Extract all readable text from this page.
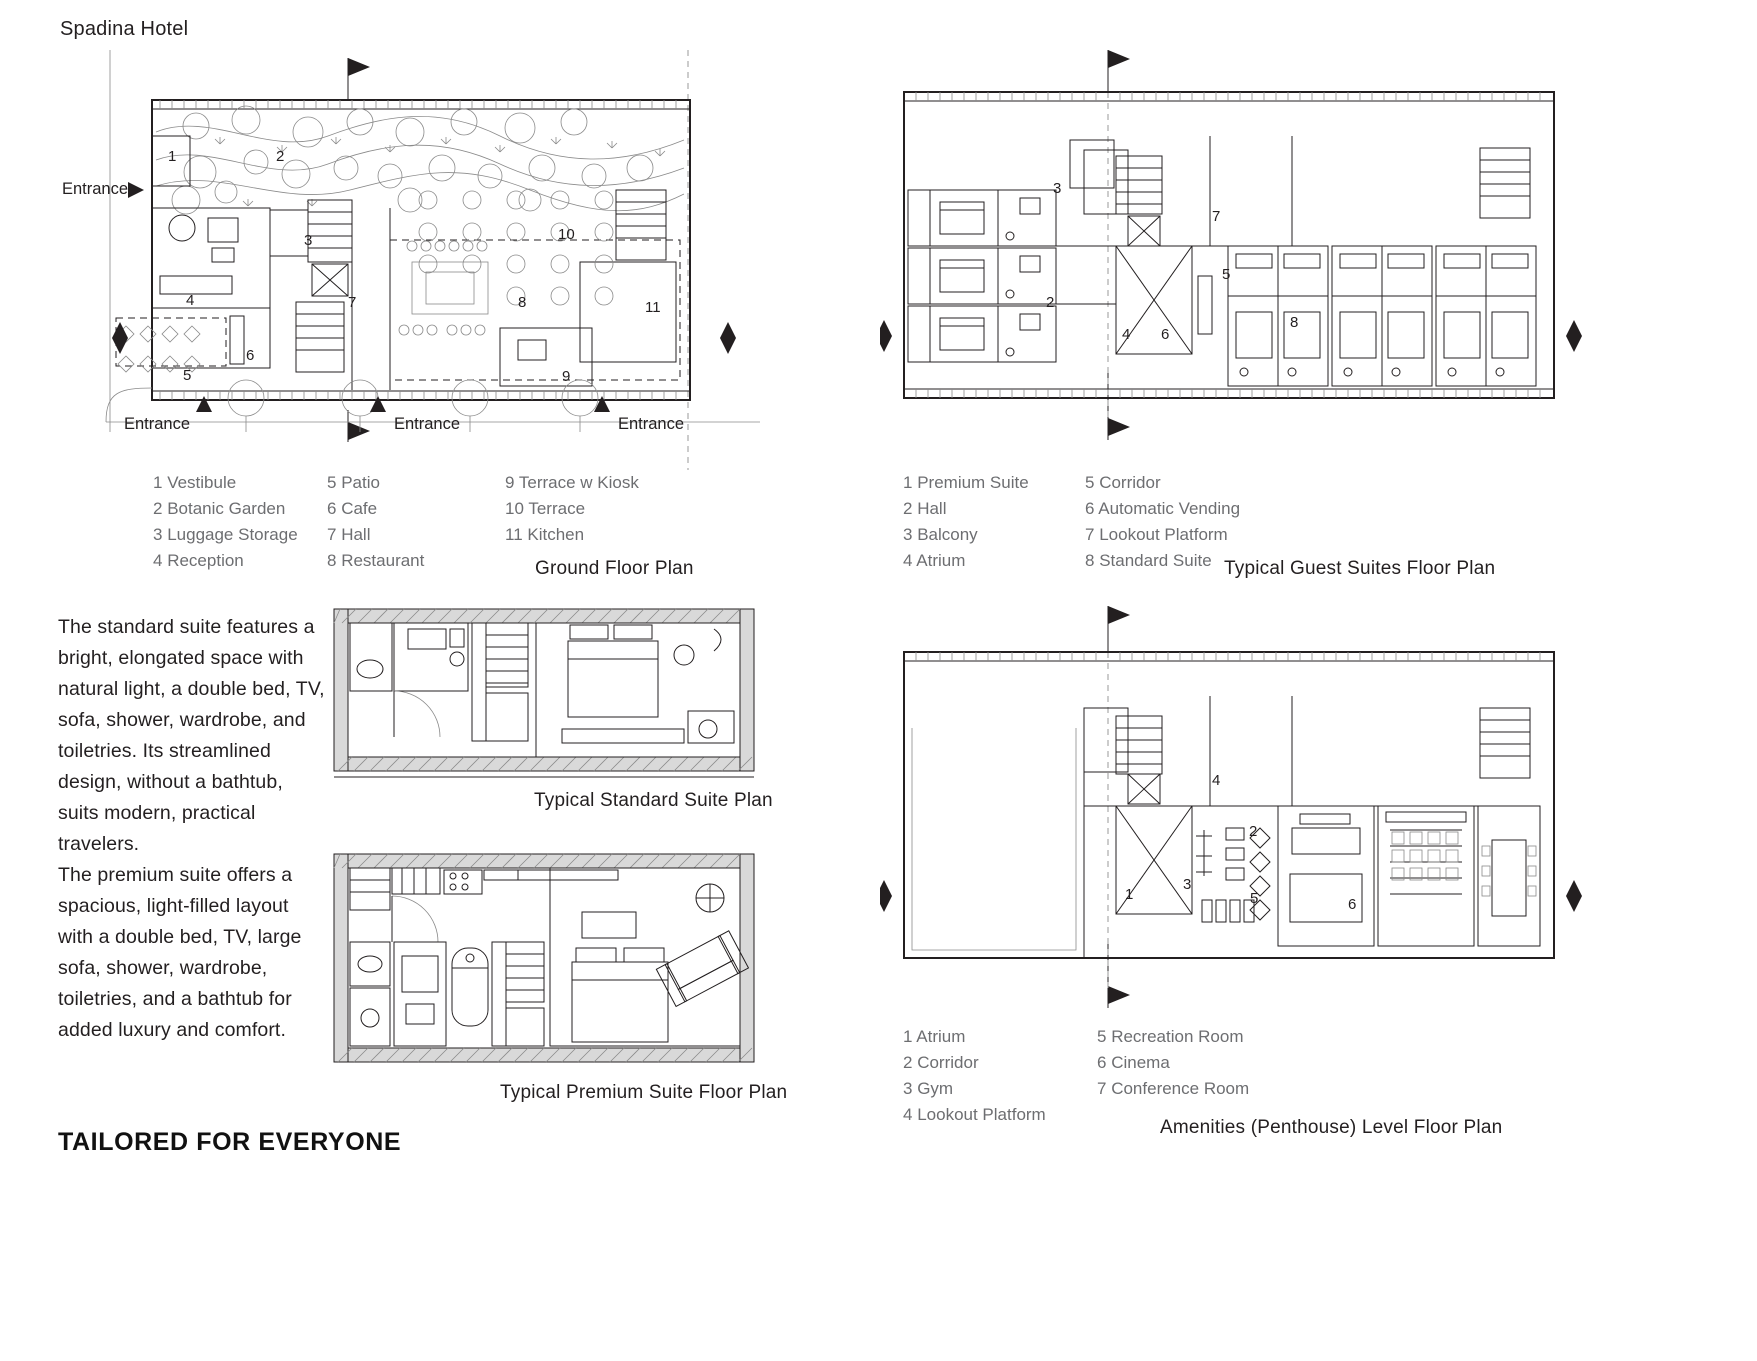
Spadina Hotel
Entrance
Entrance	Entrance	Entrance
1	2
3
4
5
6
7	8
9
10
11
1 Vestibule
2 Botanic Garden
3 Luggage Storage
4 Reception
5 Patio
6 Cafe
7 Hall
8 Restaurant
9 Terrace w Kiosk
10 Terrace
11 Kitchen
Ground Floor Plan
3
7
5
2
4 6
8
1 Premium Suite
2 Hall
3 Balcony
4 Atrium
5 Corridor
6 Automatic Vending
7 Lookout Platform
8 Standard Suite Typical Guest Suites Floor Plan
4
2
1
3
5	6
1 Atrium
2 Corridor
3 Gym
4 Lookout Platform
5 Recreation Room
6 Cinema
7 Conference Room
Amenities (Penthouse) Level Floor Plan
The standard suite features a bright, elongated space with natural light, a double bed, TV, sofa, shower, wardrobe, and toiletries. Its streamlined design, without a bathtub, suits modern, practical travelers.
Typical Standard Suite Plan
The premium suite offers a spacious, light-filled layout with a double bed, TV, large sofa, shower, wardrobe, toiletries, and a bathtub for added luxury and comfort.
Typical Premium Suite Floor Plan
TAILORED FOR EVERYONE
